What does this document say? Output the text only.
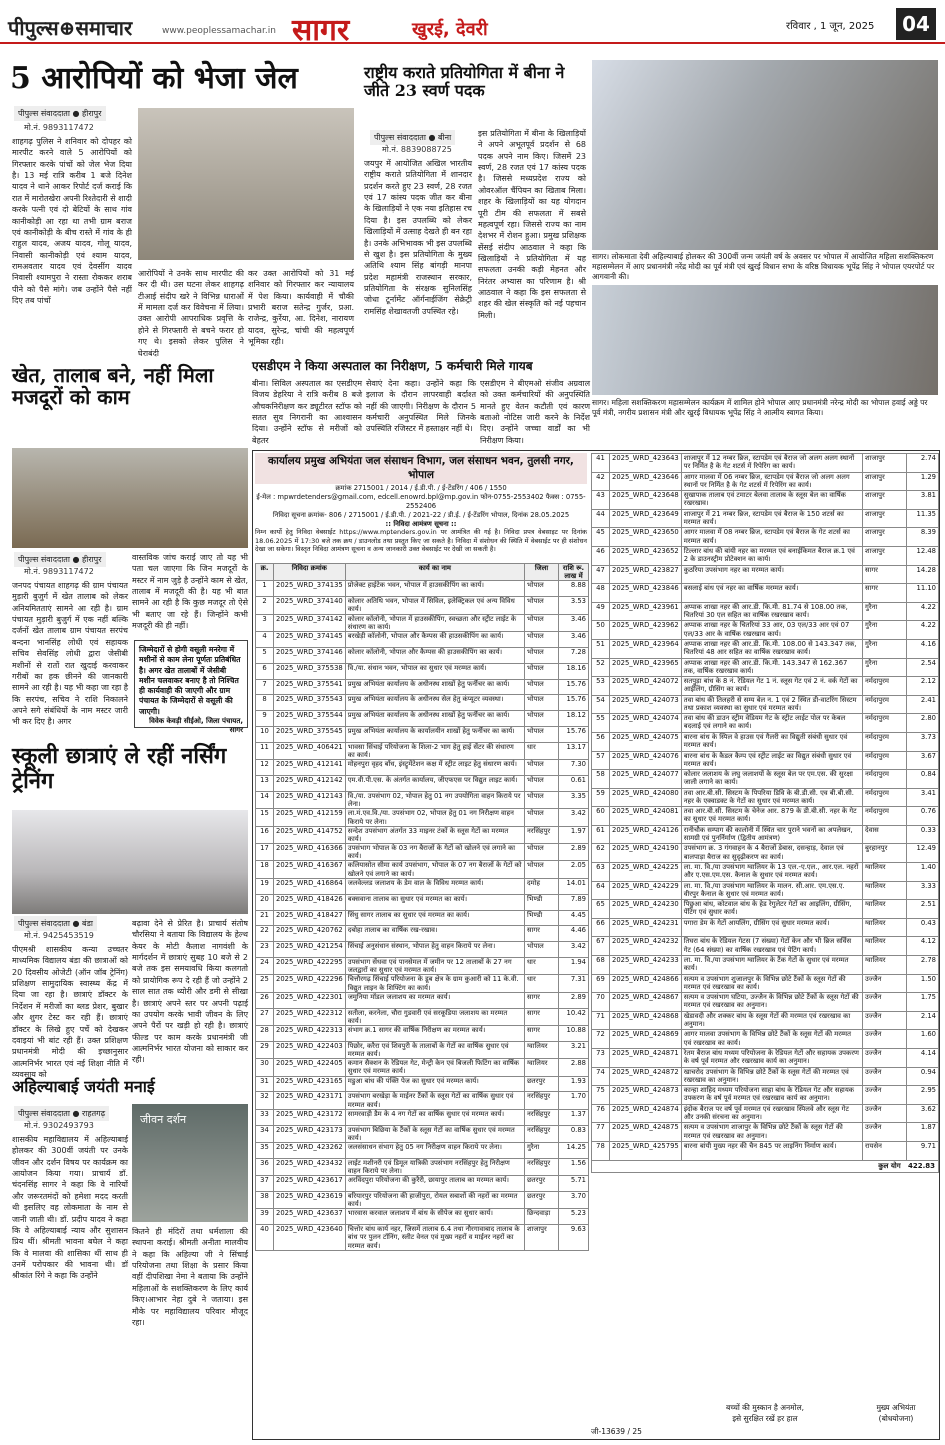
पीपुल्स⊕समाचार	www.peoplessamachar.in सागर	खुरई, देवरी	रविवार , 1 जून, 2025	04
5 आरोपियों को भेजा जेल
पीपुल्स संवाददाता ● हीरापुर
मो.नं. 9893117472
शाहगढ़ पुलिस ने शनिवार को दोपहर को मारपीट करने वाले 5 आरोपियों को गिरफ्तार करके पांचों को जेल भेज दिया है। 13 मई रात्रि करीब 1 बजे दिनेश यादव ने थाने आकर रिपोर्ट दर्ज कराई कि रात में मारोतखेरा अपनी रिश्तेदारी से शादी करके पत्नी एवं दो बेटियों के साथ गांव कानीकोड़ी आ रहा था तभी ग्राम बराज एवं कानीकोड़ी के बीच रास्ते में गांव के ही राहुल यादव, अजय यादव, गोलू यादव, निवासी कानीकोड़ी एवं श्याम यादव, रामअवतार यादव एवं देवसींग यादव निवासी श्यामपुरा ने रास्ता रोककर शराब पीने को पैसे मांगे। जब उन्होंने पैसे नहीं दिए तब पांचों
आरोपियों ने उनके साथ मारपीट की कर दी थी। उस घटना लेकर शाहगढ़ टीआई संदीप खरे ने विभिन्न धाराओं में मामला दर्ज कर विवेचना में लिया। उक्त आरोपी आपराधिक प्रवृत्ति के होने से गिरफ्तारी से बचने फरार हो गए थे। इसको लेकर पुलिस ने घेराबंदी
कर उक्त आरोपियों को 31 मई शनिवार को गिरफ्तार कर न्यायालय में पेश किया। कार्यवाही में चौकी प्रभारी बराज सतेन्द्र गुर्जर, प्रआ. राजेन्द्र, कुर्रेया, आ. दिनेश, नारायण यादव, सुरेन्द्र, चांची की महत्वपूर्ण भूमिका रही।
राष्ट्रीय कराते प्रतियोगिता में बीना ने जीते 23 स्वर्ण पदक
पीपुल्स संवाददाता ● बीना
मो.नं. 8839088725
जयपुर में आयोजित अखिल भारतीय राष्ट्रीय कराते प्रतियोगिता में शानदार प्रदर्शन करते हुए 23 स्वर्ण, 28 रजत एवं 17 कांस्य पदक जीत कर बीना के खिलाड़ियों ने एक नया इतिहास रच दिया है। इस उपलब्धि को लेकर खिलाड़ियों में उत्साह देखते ही बन रहा है। उनके अभिभावक भी इस उपलब्धि से खुश है। इस प्रतियोगिता के मुख्य अतिथि श्याम सिंह बांगड़ी मानपा प्रदेश महामंत्री राजस्थान सरकार, प्रतियोगिता के संरक्षक सुनिलसिंह जोधा टूर्नामेंट ऑर्गनाईजिंग सेक्रेट्री रामसिंह शेखावतजी उपस्थित रहे।
इस प्रतियोगिता में बीना के खिलाड़ियों ने अपने अभूतपूर्व प्रदर्शन से 68 पदक अपने नाम किए। जिसमें 23 स्वर्ण, 28 रजत एवं 17 कांस्य पदक है। जिससे मध्यप्रदेश राज्य को ओवरऑल चैंपियन का खिताब मिला। शहर के खिलाड़ियों का यह योगदान पूरी टीम की सफलता में सबसे महत्वपूर्ण रहा। जिससे राज्य का नाम देशभर में रोशन हुआ। प्रमुख प्रशिक्षक सेंसई संदीप आठवाल ने कहा कि खिलाड़ियों ने प्रतियोगिता में यह सफलता उनकी कड़ी मेहनत और निरंतर अभ्यास का परिणाम है। श्री आठवाल ने कहा कि इस सफलता से शहर की खेल संस्कृति को नई पहचान मिली।
सागर। लोकमाता देवी अहिल्याबाई होलकर की 300वीं जन्म जयंती वर्ष के अवसर पर भोपाल में आयोजित महिला सशक्तिकरण महासम्मेलन में आए प्रधानमंत्री नरेंद्र मोदी का पूर्व मंत्री एवं खुरई विधान सभा के वरिष्ठ विधायक भूपेंद्र सिंह ने भोपाल एयरपोर्ट पर आगवानी की।
सागर। महिला सशक्तिकरण महासम्मेलन कार्यक्रम में शामिल होने भोपाल आए प्रधानमंत्री नरेन्द्र मोदी का भोपाल हवाई अड्डे पर पूर्व मंत्री, नगरीय प्रशासन मंत्री और खुरई विधायक भूपेंद्र सिंह ने आत्मीय स्वागत किया।
एसडीएम ने किया अस्पताल का निरीक्षण, 5 कर्मचारी मिले गायब
बीना। सिविल अस्पताल का एसडीएम विजय डेहरिया ने रात्रि करीब 8 बजे औचकनिरीक्षण कर ड्यूटीरत स्टॉफ को सतत सुव निगरानी का आश्वासन दिया। उन्होंने स्टॉफ से मरीजों को बेहतर
सेवाएं देना कहा। उन्होंने कहा कि इलाज के दौरान लापरवाही बर्दाश्त नहीं की जाएगी। निरीक्षण के दौरान 5 कर्मचारी अनुपस्थित मिले जिनके उपस्थिति रजिस्टर में हस्ताक्षर नहीं थे।
एसडीएम ने बीएमओ संजीव अग्रवाल को उक्त कर्मचारियों की अनुपस्थिति मानते हुए वेतन कटौती एवं कारण बताओ नोटिस जारी करने के निर्देश दिए। उन्होंने जच्चा वार्डों का भी निरीक्षण किया।
खेत, तालाब बने, नहीं मिला मजदूरों को काम
पीपुल्स संवाददाता ● हीरापुर
मो.नं. 9893117472
जनपद पंचायत शाहगढ़ की ग्राम पंचायत मुड़ारी बुजुर्ग में खेत तालाब को लेकर अनियमितताएं सामने आ रही है। ग्राम पंचायत मुड़ारी बुजुर्ग में एक नहीं बल्कि दर्जनों खेत तालाब ग्राम पंचायत सरपंच बन्दना भानसिंह लोधी एवं सहायक सचिव सेवसिंह लोधी द्वारा जेसीबी मशीनों से रातों रात खुदाई करवाकर गरीबों का हक छीनने की जानकारी सामने आ रही है। यह भी कहा जा रहा है कि सरपंच, सचिव ने राशि निकालने अपने सगे संबंधियों के नाम मस्टर जारी भी कर दिए है। अगर
वास्तविक जांच कराई जाए तो यह भी पता चल जाएगा कि जिन मजदूरों के मस्टर में नाम जुड़े है उन्होंने काम से खेत, तालाब में मजदूरी की है। यह भी बात सामने आ रही है कि कुछ मजदूर तो ऐसे भी बताए जा रहे हैं। जिन्होंने कभी मजदूरी की ही नहीं।
जिम्मेदारों से होगी वसूली मनरेगा में मशीनों से काम लेना पूर्णतः प्रतिबंधित है। अगर खेत तालाबों में जेसीबी मशीन चलवाकर बनाए है तो निश्चित ही कार्यवाही की जाएगी और ग्राम पंचायत के जिम्मेदारों से वसूली की जाएगी।
विवेक केवड़ी सीईओ, जिला पंचायत, सागर
स्कूली छात्राएं ले रहीं नर्सिंग ट्रेनिंग
पीपुल्स संवाददाता ● बंडा
मो.नं. 9425453519
पीएमश्री शासकीय कन्या उच्चतर माध्यमिक विद्यालय बंडा की छात्राओं को 20 दिवसीय ओजेटी (ऑन जॉब ट्रेनिंग) प्रशिक्षण सामुदायिक स्वास्थ्य केंद्र में दिया जा रहा है। छात्राएं डॉक्टर के निर्देशन में मरीजों का ब्लड प्रेशर, बुखार और शुगर टेस्ट कर रही हैं। छात्राएं डॉक्टर के लिखे हुए पर्चे को देखकर दवाइयां भी बांट रही हैं। उक्त प्रशिक्षण प्रधानमंत्री मोदी की इच्छानुसार आत्मनिर्भर भारत एवं नई शिक्षा नीति में व्यवसाय को
बढ़ावा देने से प्रेरित है। प्राचार्य संतोष चौरसिया ने बताया कि विद्यालय के हेल्थ केयर के मोटी कैलाश नागवंशी के मार्गदर्शन में छात्राएं सुबह 10 बजे से 2 बजे तक इस समयावधि किया कलगतो को प्रायोगिक रूप दे रही हैं जो उन्होंने 2 साल सात तक थ्योरी और डमी से सीखा है। छात्राएं अपने स्तर पर अपनी पढ़ाई का उपयोग करके भावी जीवन के लिए अपने पैरों पर खड़ी हो रही है। छात्राएं फील्ड पर काम करके प्रधानमंत्री जी आत्मनिर्भर भारत योजना को साकार कर रही।
अहिल्याबाई जयंती मनाई
पीपुल्स संवाददाता ● राहतगढ़
मो.नं. 9302493793
शासकीय महाविद्यालय में अहिल्याबाई होलकर की 300वीं जयंती पर उनके जीवन और दर्शन विषय पर कार्यक्रम का आयोजन किया गया। प्राचार्य डॉ. चंदनसिंह सागर ने कहा कि वे नारियों और जरूरतमंदों को हमेशा मदद करती थी इसलिए वह लोकमाता के नाम से जानी जाती थी। डॉ. प्रदीप यादव ने कहा कि वे अहिल्याबाई न्याय और सुशासन प्रिय थीं। श्रीमती भावना बघेल ने कहा कि वे मालवा की शासिका थीं साथ ही उनमें परोपकार की भावना थी। डॉ श्रीकांत रिंगे ने कहा कि उन्होंने
जीवन दर्शन
कितने ही मंदिरों तथा धर्मशाला की स्थापना कराई। श्रीमती अनीता मालवीय ने कहा कि अहिल्या जी ने सिंचाई परियोजना तथा शिक्षा के प्रसार किया वहीं दीपशिखा नेमा ने बताया कि उन्होंने महिलाओं के सशक्तिकरण के लिए कार्य किए।आभार नेहा दुबे ने जताया। इस मौके पर महाविद्यालय परिवार मौजूद रहा।
कार्यालय प्रमुख अभियंता जल संसाधन विभाग, जल संसाधन भवन, तुलसी नगर, भोपाल
क्रमांक 2715001 / 2014 / ई.डी.पी. / ई-टेंडरिंग / 406 / 1550
ई-मेल : mpwrdetenders@gmail.com, edcell.enowrd.bpl@mp.gov.in फोन-0755-2553402 फैक्स : 0755-2552406
निविदा सूचना क्रमांक- 806 / 2715001 / ई.डी.पी. / 2021-22 / डी.ई. / ई-टेंडरिंग भोपाल, दिनांक 28.05.2025
:: निविदा आमंत्रण सूचना ::
निम्न कार्यो हेतु निविदा वेबसाईट https://www.mptenders.gov.in पर आमंत्रित की गई है। निविदा प्रपत्र वेबसाइट पर दिनांक 18.06.2025 में 17:30 बजे तक क्रय / डाउनलोड तथा प्रस्तुत किए जा सकते है। निविदा में संशोधन की स्थिति में वेबसाईट पर ही संशोधन देखा जा सकेगा। विस्तृत निविदा आमंत्रण सूचना व अन्य जानकारी उक्त वेबसाईट पर देखी जा सकती है।
क्र.	निविदा क्रमांक	कार्य का नाम	जिला	राशि रू. लाख में
1	2025_WRD_374135	प्रोजेक्ट हाईटेक भवन, भोपाल में हाउसकीपिंग का कार्य।	भोपाल	8.88
2	2025_WRD_374140	कोलार अतिथि भवन, भोपाल में सिविल, इलेक्ट्रिकल एवं अन्य विविध कार्य।	भोपाल	3.53
3	2025_WRD_374142	कोलार कॉलोनी, भोपाल में हाउसकीपिंग, स्वच्छता और स्ट्रीट लाईट के संधारण का कार्य।	भोपाल	3.46
4	2025_WRD_374145	बरखेड़ी कॉलोनी, भोपाल और कैम्पस की हाउसकीपिंग का कार्य।	भोपाल	3.46
5	2025_WRD_374146	कोलार कॉलोनी, भोपाल और कैम्पस की हाउसकीपिंग का कार्य।	भोपाल	7.28
6	2025_WRD_375538	वि./या. संधान भवन, भोपाल का सुधार एवं मरम्मत कार्य।	भोपाल	18.16
7	2025_WRD_375541	प्रमुख अभियंता कार्यालय के अधीनस्थ शाखों हेतु फर्नीचर का कार्य।	भोपाल	15.76
8	2025_WRD_375543	प्रमुख अभियंता कार्यालय के अधीनस्थ सेल हेतु कंप्यूटर व्यवस्था।	भोपाल	15.76
9	2025_WRD_375544	प्रमुख अभियंता कार्यालय के अधीनस्थ शाखों हेतु फर्नीचर का कार्य।	भोपाल	18.12
10	2025_WRD_375545	प्रमुख अभियंता कार्यालय के कार्यालयीन शाखों हेतु फर्नीचर का कार्य।	भोपाल	15.76
11	2025_WRD_406421	भावसा सिंचाई परियोजना के शिला-2 भाग हेतु हाई सेंटर की संधारण का कार्य।	धार	13.17
12	2025_WRD_412141	मोहनपुरा वृहद बाँध, इंस्ट्रूमेंटेशन कक्ष में स्ट्रीट लाइट हेतु संधारण कार्य।	भोपाल	7.30
13	2025_WRD_412142	एम.वी.पी.एस. के अंतर्गत कार्यालय, जीएफएस पर विद्युत लाइट कार्य।	भोपाल	0.61
14	2025_WRD_412143	वि./या. उपसंभाग 02, भोपाल हेतु 01 नग उपयोगिता वाहन किराये पर लेना।	भोपाल	3.35
15	2025_WRD_412159	ला.मं.एव.वि./या. उपसंभाग 02, भोपाल हेतु 01 नग निरीक्षण वाहन किराये पर लेना।	भोपाल	3.42
16	2025_WRD_414752	सन्देश उपसंभाग अंतर्गत 33 माइनर टंकों के स्लूस गेटों का मरम्मत कार्य।	नरसिंहपुर	1.97
17	2025_WRD_416366	उपसंभाग भोपाल के 03 नग बैराजों के गेटों को खोलने एवं लगाने का कार्य।	भोपाल	2.89
18	2025_WRD_416367	कलियासोत सीमा कार्य उपसंभाग, भोपाल के 07 नग बैराजों के गेटों को खोलने एवं लगाने का कार्य।	भोपाल	2.05
19	2025_WRD_416864	जलवेल्लड जलाशय के डेम वाल के विविध मरम्मत कार्य।	दमोह	14.01
20	2025_WRD_418426	बक्सवाना तालाब का सुधार एवं मरम्मत का कार्य।	भिण्डी	7.89
21	2025_WRD_418427	सिंधु सागर तालाब का सुधार एवं मरम्मत का कार्य।	भिण्डी	4.45
22	2025_WRD_420762	दबोहा तालाब का वार्षिक रख-रखाव।	सागर	4.46
23	2025_WRD_421254	सिंचाई अनुसंधान संस्थान, भोपाल हेतु वाहन किराये पर लेना।	भोपाल	3.42
24	2025_WRD_422295	उपसंभाग सेंधवा एवं पानसेमल में जमीन पर 12 तालाबों के 27 नग जलद्वारों का सुधार एवं मरम्मत कार्य।	धार	1.94
25	2025_WRD_422296	चित्तौरगढ़ सिंचाई परियोजना के डूब क्षेत्र के ग्राम कुआरी को 11 के.वी. विद्युत लाइन के शिफ्टिंग का कार्य।	धार	7.31
26	2025_WRD_422301	जमुनिया मॉडल जलाशय का मरम्मत कार्य।	सागर	2.89
27	2025_WRD_422312	सतीला, करनेला, चौरा गुडवारी एवं सरकूडिया जलाशय का मरम्मत कार्य।	सागर	10.42
28	2025_WRD_422313	संभाग क्र.1 सागर की वार्षिक निरीक्षण का मरम्मत कार्य।	सागर	10.88
29	2025_WRD_422403	पिछोर, करैरा एवं शिवपुरी के तालाबों के गेटों का वार्षिक सुधार एवं मरम्मत कार्य।	ग्वालियर	3.21
30	2025_WRD_422405	कमान सैक्शन के रेडियल गेट, मेन्ट्री केन एवं बिजली फिटिंग का वार्षिक सुधार एवं मरम्मत कार्य।	ग्वालियर	2.88
31	2025_WRD_423165	मडुआ बांध की पंक्ति पेज का सुधार एवं मरम्मत कार्य।	छतरपुर	1.93
32	2025_WRD_423171	उपसंभाग बरखेड़ा के माईनर टैंकों के स्लूस गेटों का वार्षिक सुधार एवं मरम्मत कार्य।	नरसिंहपुर	1.70
33	2025_WRD_423172	सामरवाड़ी डैम के 4 नग गेटों का वार्षिक सुधार एवं मरम्मत कार्य।	नरसिंहपुर	1.37
34	2025_WRD_423173	उपसंभाग बिछिया के टैंकों के स्लूस गेटों का वार्षिक सुधार एवं मरम्मत कार्य।	नरसिंहपुर	0.83
35	2025_WRD_423262	जलसंसाधन संभाग हेतु 05 नग निरीक्षण वाहन किराये पर लेना।	गुरैना	14.25
36	2025_WRD_423432	लाईट मशीनरी एवं डिमूल यात्रिकी उपसंभाग नरसिंहपुर हेतु निरीक्षण वाहन किराये पर लेना।	नरसिंहपुर	1.56
37	2025_WRD_423617	अरविंदपुरा परियोजना की कुरैरी, छायापुर तालाब का मरम्मत कार्य।	छतरपुर	5.71
38	2025_WRD_423619	बरियारपुर परियोजना की हाजीपुरा, रोयल सबाशों की नहरों का मरम्मत कार्य।	छतरपुर	3.70
39	2025_WRD_423637	भारवास करवाल जलाशय में बांध के सीपेज का सुधार कार्य।	छिन्दवाड़ा	5.23
40	2025_WRD_423640	चित्तोर बांध कार्य नहर, जिसमें तालाब 6.4 तथा नौरगावाबाद तालाब के बांध पर पुलन टॉनिंग, स्लीट वेनल एवं मुख्य नहरों व माईनर नहरों का मरम्मत कार्य।	शाजापुर	9.63
41	2025_WRD_423643	शाजापुर में 12 नम्बर ब्रिज, स्टापडेम एवं बैराज जो अलग अलग स्थानों पर निर्मित है के गेट शटर्स में रिपेरिंग का कार्य।	शाजापुर	2.74
42	2025_WRD_423646	आगर मालवा में 06 नम्बर ब्रिज, स्टापडेम एवं बैराज जो अलग अलग स्थानों पर निर्मित है के गेट शटर्स में रिपेरिंग का कार्य।	शाजापुर	1.29
43	2025_WRD_423648	सुखापाक तालाब एवं टमाटर बेलवा तालाब के स्लूस बेल का वार्षिक रखरखाव।	शाजापुर	3.81
44	2025_WRD_423649	शाजापुर में 21 नम्बर ब्रिज, स्टापडेम एवं बैराज के 150 शटर्स का मरम्मत कार्य।	शाजापुर	11.35
45	2025_WRD_423650	आगर मालवा में 08 नम्बर ब्रिज, स्टापडेम एवं बैराज के गेट शटर्स का मरम्मत कार्य।	शाजापुर	8.39
46	2025_WRD_423652	टिल्लार बांध की बांयी नहर का मरम्मत एवं बनाईकिमत बैराज क्र.1 एवं 2 के डाउनस्ट्रीम प्रोटेक्शन का कार्य।	शाजापुर	12.48
47	2025_WRD_423827	कुठरिया उपसंभाग नहर का मरम्मत कार्य।	सागर	14.28
48	2025_WRD_423846	बसलाई बांध एवं नहर का वार्षिक मरम्मत कार्य।	सागर	11.10
49	2025_WRD_423961	अप्पाक शाखा नहर की आर.डी. कि.मी. 81.74 से 108.00 तक, चितरियां 30 एल सहित का वार्षिक रखरखाव कार्य।	गुरैना	4.22
50	2025_WRD_423962	अप्पाक शाखा नहर के चितरियां 33 आर, 03 एल/33 आर एवं 07 एल/33 आर के वार्षिक रखरखाव कार्य।	गुरैना	4.22
51	2025_WRD_423964	अप्पाक शाखा नहर की आर.डी. कि.मी. 108.00 से 143.347 तक, चितरियां 48 आर सहित का वार्षिक रखरखाव कार्य।	गुरैना	4.16
52	2025_WRD_423965	अप्पाक शाखा नहर की आर.डी. कि.मी. 143.347 से 162.367 तक, वार्षिक रखरखाव कार्य।	गुरैना	2.54
53	2025_WRD_424072	सतपुड़ा बांध के 8 नं. रेडियल गेट 1 नं. स्लूस गेट एवं 2 नं. वर्क गेटों का आईलिंग, ग्रीसिंग का कार्य।	नर्मदापुरम	2.12
54	2025_WRD_424073	तवा बांध की तिलहरी से सम्य बेल न. 1 एवं 2 स्थित डी-वाटरिंग सिस्टम तथा प्रकाश व्यवस्था का सुधार एवं मरम्मत कार्य।	नर्मदापुरम	2.41
55	2025_WRD_424074	तवा बांध की डाउन स्ट्रीम वेडियम गेट के स्ट्रीट लाईट पोल पर केबल बदलाई एवं लगाने का कार्य।	नर्मदापुरम	2.80
56	2025_WRD_424075	बारना बांध के स्पिल वे हाउस एवं गैलरी का विद्युती संबंधी सुधार एवं मरम्मत कार्य।	नर्मदापुरम	3.73
57	2025_WRD_424076	बारना बांध के कैडल कैम्प एवं स्ट्रीट लाईट का विद्युत संबंधी सुधार एवं मरम्मत कार्य।	नर्मदापुरम	3.67
58	2025_WRD_424077	कोलार जलाशय के लघु जलाशयों के स्लूस बेल पर एम.एस. की सुरक्षा जाली लगाने का कार्य।	नर्मदापुरम	0.84
59	2025_WRD_424080	तवा आर.बी.सी. सिस्टम के पिपरिया डिवि के बी.डी.सी. एव बी.बी.सी. नहर के एक्वाडक्ट के गेटों का सुधार एवं मरम्मत कार्य।	नर्मदापुरम	3.41
60	2025_WRD_424081	तवा आर.बी.सी. सिस्टम के चेनेज आर. 879 के डी.बी.सी. नहर के गेट का सुधार एवं मरम्मत कार्य।	नर्मदापुरम	0.76
61	2025_WRD_424126	रानीचौक सम्पाग की कालोनी में स्थित चार पुराने भवनों का अपलेखन, सामग्री एवं पुनर्निर्माण (द्वितीय आमंत्रण)	देवास	0.33
62	2025_WRD_424190	उपसंभाग क्र. 3 गंगवाहन के 4 बैराजों डेबास, दसन्हाड़, देवाल एवं बालपाड़ा बैराज का सुदृढ़ीकरण का कार्य।	बुरहानपुर	12.49
63	2025_WRD_424225	ला. मा. वि./या उपसंभाग ग्वालियर के 13 एल.-ए.एल., आर.एल. नहरों और ए.एस.एम.एस. कैनाल के सुधार एवं मरम्मत कार्य।	ग्वालियर	1.40
64	2025_WRD_424229	ला. मा. वि./या उपसंभाग ग्वालियर के मालन. सी.आर. एम.एस.ए. वीरपुर कैनाल के सुधार एवं मरम्मत कार्य।	ग्वालियर	3.33
65	2025_WRD_424230	पिछुआ बांध, कोटवाल बांध के हेड रेगुलेटर गेटों का आइलिंग, ग्रीसिंग, पेंटिंग एवं सुधार कार्य।	ग्वालियर	2.51
66	2025_WRD_424231	पगारा डेम के गेटों आयलिंग, ग्रीसिंग एवं सुधार मरम्मत कार्य।	ग्वालियर	0.43
67	2025_WRD_424232	तिघरा बांध के रेडियल गेटस (7 संख्या) गेटों केन और भी ब्रिज सर्विस गेट (64 संख्या) का वार्षिक रखरखाव एवं पेटिंग कार्य।	ग्वालियर	4.12
68	2025_WRD_424233	ला. मा. वि./या उपसंभाग ग्वालियर के टैंक गेटों के सुधार एवं मरम्मत कार्य।	ग्वालियर	2.78
69	2025_WRD_424866	सत्यम व उपसंभाग शुजालपुर के विभिन्न छोटे टैंकों के स्लूस गेटों की मरम्मत एवं रखरखाव का कार्य।	उज्जैन	1.50
70	2025_WRD_424867	सत्यम व उपसंभाग घटिया, उज्जैन के विभिन्न छोटे टैंकों के स्लूस गेटों की मरम्मत एवं रखरखाव का अनुमान।	उज्जैन	1.75
71	2025_WRD_424868	खेडावदी और शक्कर बांध के स्लूस गेटों की मरम्मत एवं रखरखाव का अनुमान।	उज्जैन	2.14
72	2025_WRD_424869	आगर मालवा उपसंभाग के विभिन्न छोटे टैंकों के स्लूस गेटों की मरम्मत एवं रखरखाव का कार्य।	उज्जैन	1.60
73	2025_WRD_424871	रेतम बैराज बांध मध्यम परियोजना के रेडियल गेटों और सहायक उपकरण के वर्ष पूर्व मरम्मत और रखरखाव कार्य का अनुमान।	उज्जैन	4.14
74	2025_WRD_424872	खाचरोद उपसंभाग के विभिन्न छोटे टैंकों के स्लूस गेटों की मरम्मत एवं रखरखाव का अनुमान।	उज्जैन	0.94
75	2025_WRD_424873	कान्हा शाहिद मध्यम परियोजना साहा बांध के रेडियल गेट और सहायक उपकरण के वर्ष पूर्व मरम्मत एवं रखरखाव कार्य का अनुमान।	उज्जैन	2.95
76	2025_WRD_424874	इंदोक बैराज पर वर्ष पूर्व मरम्मत एवं रखरखाव स्पिलवे और स्लूस गेट और उनकी संरचना का अनुमान।	उज्जैन	3.62
77	2025_WRD_424875	सत्यम व उपसंभाग शाजापुर के विभिन्न छोटे टैंकों के स्लूस गेटों की मरम्मत एवं रखरखाव का अनुमान।	उज्जैन	1.87
78	2025_WRD_425795	बारना बांयी मुख्य नहर की चैन 845 पर लाइनिंग निर्माण कार्य।	रायसेन	9.71
कुल योग 422.83
बच्चों की मुस्कान है अनमोल,
इसे सुरक्षित रखें हर हाल
मुख्य अभियंता
(बोधयोजना)
जी-13639 / 25
